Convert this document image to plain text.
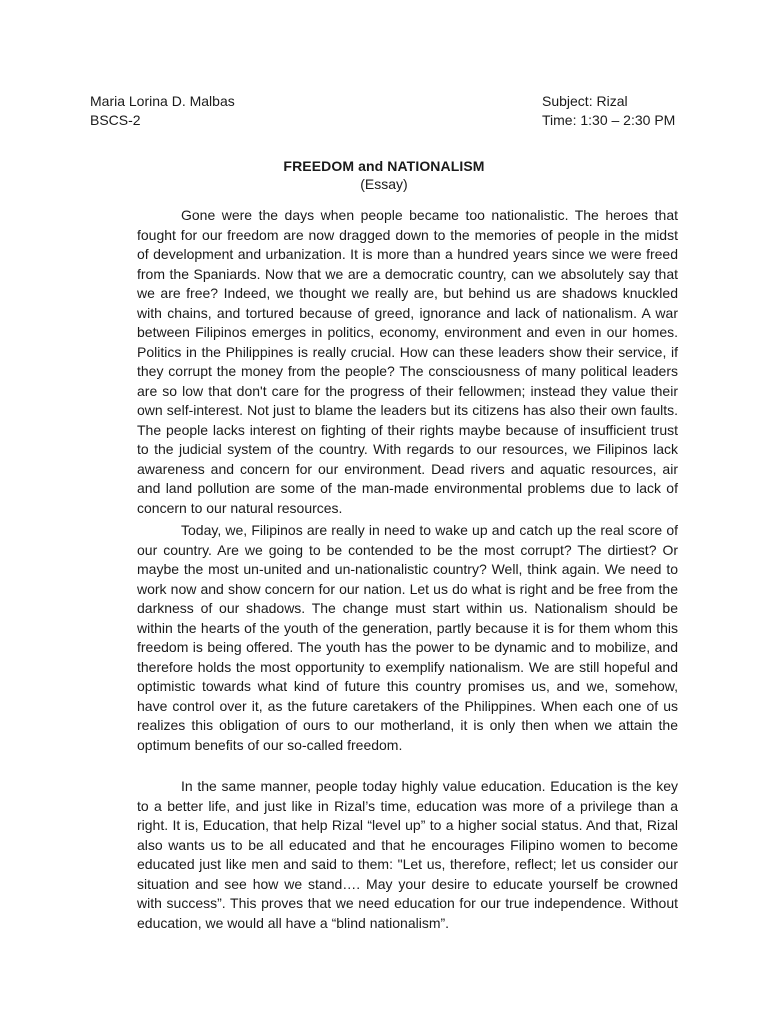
Maria Lorina D. Malbas	Subject: Rizal
BSCS-2	Time: 1:30 – 2:30 PM
FREEDOM and NATIONALISM
(Essay)

Gone were the days when people became too nationalistic. The heroes that fought for our freedom are now dragged down to the memories of people in the midst of development and urbanization. It is more than a hundred years since we were freed from the Spaniards. Now that we are a democratic country, can we absolutely say that we are free? Indeed, we thought we really are, but behind us are shadows knuckled with chains, and tortured because of greed, ignorance and lack of nationalism. A war between Filipinos emerges in politics, economy, environment and even in our homes. Politics in the Philippines is really crucial. How can these leaders show their service, if they corrupt the money from the people? The consciousness of many political leaders are so low that don't care for the progress of their fellowmen; instead they value their own self-interest. Not just to blame the leaders but its citizens has also their own faults. The people lacks interest on fighting of their rights maybe because of insufficient trust to the judicial system of the country. With regards to our resources, we Filipinos lack awareness and concern for our environment. Dead rivers and aquatic resources, air and land pollution are some of the man-made environmental problems due to lack of concern to our natural resources.

Today, we, Filipinos are really in need to wake up and catch up the real score of our country. Are we going to be contended to be the most corrupt? The dirtiest? Or maybe the most un-united and un-nationalistic country? Well, think again. We need to work now and show concern for our nation. Let us do what is right and be free from the darkness of our shadows. The change must start within us. Nationalism should be within the hearts of the youth of the generation, partly because it is for them whom this freedom is being offered. The youth has the power to be dynamic and to mobilize, and therefore holds the most opportunity to exemplify nationalism. We are still hopeful and optimistic towards what kind of future this country promises us, and we, somehow, have control over it, as the future caretakers of the Philippines. When each one of us realizes this obligation of ours to our motherland, it is only then when we attain the optimum benefits of our so-called freedom.

In the same manner, people today highly value education. Education is the key to a better life, and just like in Rizal’s time, education was more of a privilege than a right. It is, Education, that help Rizal “level up” to a higher social status. And that, Rizal also wants us to be all educated and that he encourages Filipino women to become educated just like men and said to them: "Let us, therefore, reflect; let us consider our situation and see how we stand…. May your desire to educate yourself be crowned with success”. This proves that we need education for our true independence. Without education, we would all have a “blind nationalism”.
